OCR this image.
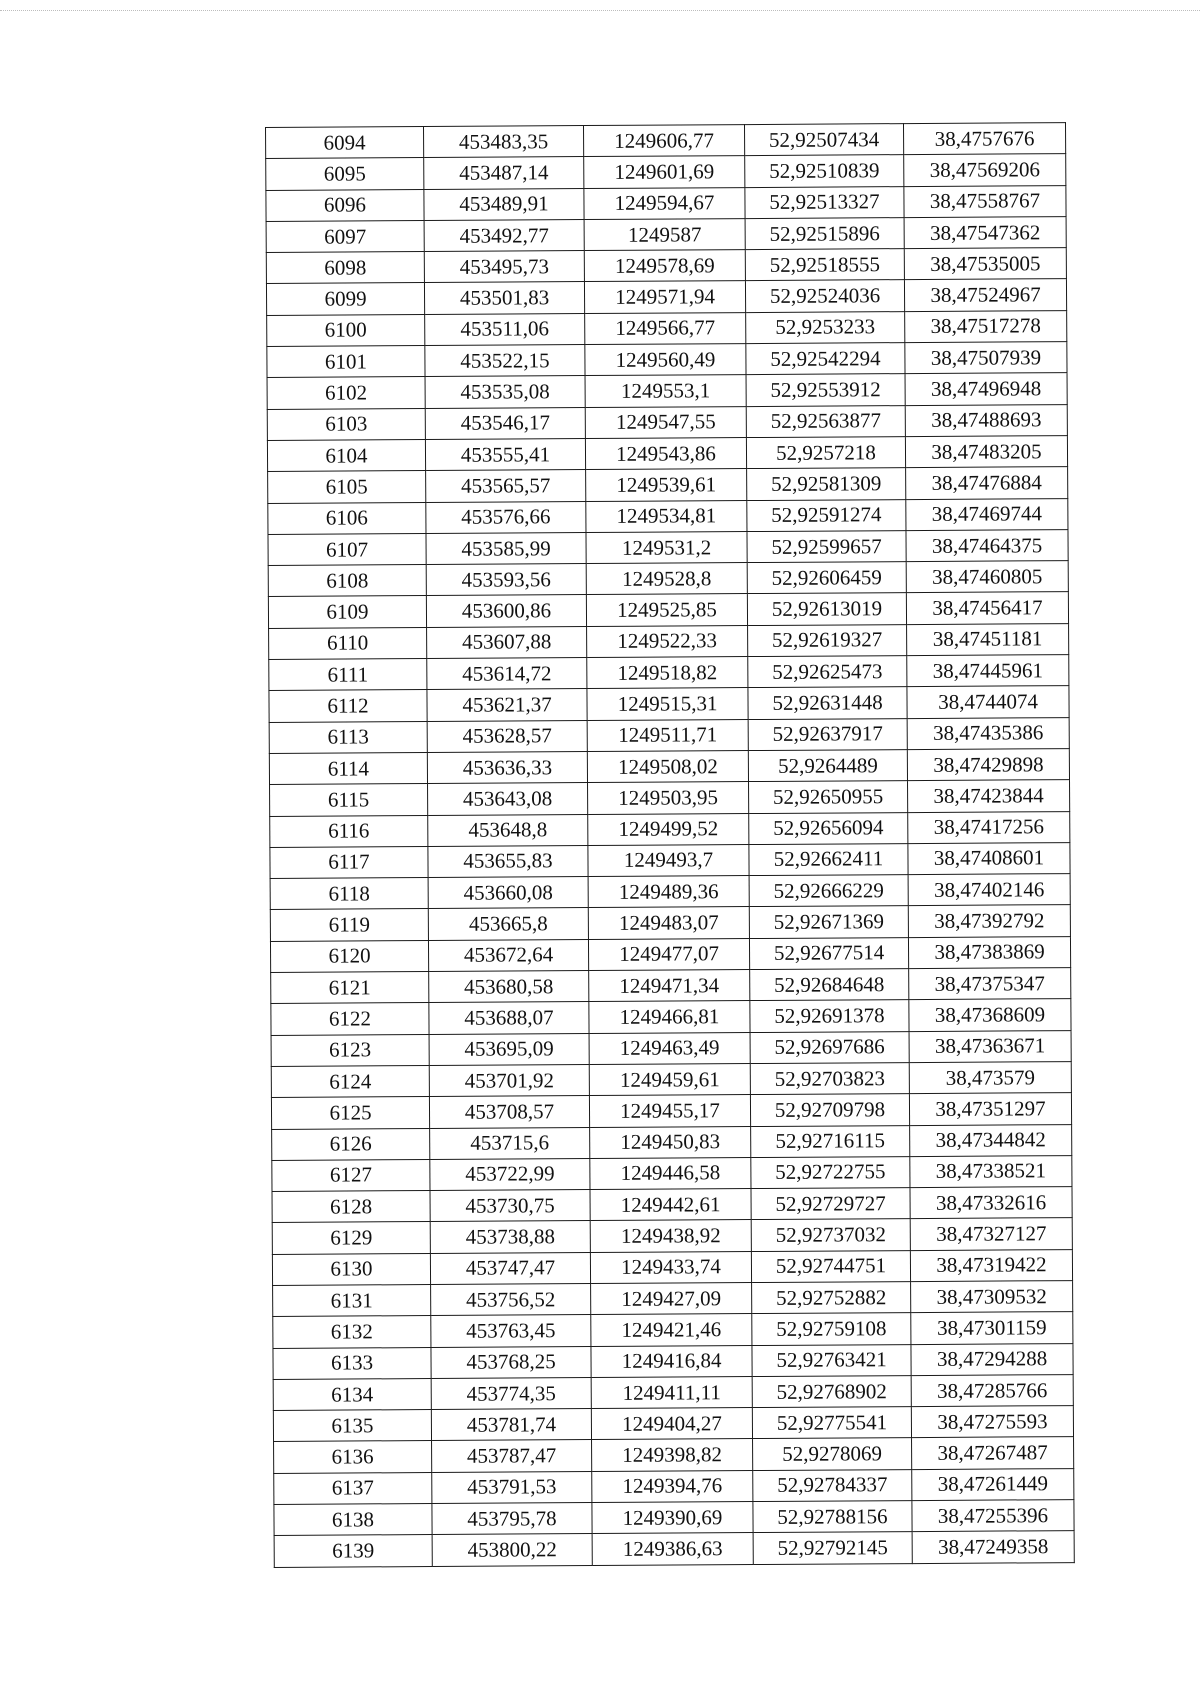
6094	453483,35	1249606,77	52,92507434	38,4757676
6095	453487,14	1249601,69	52,92510839	38,47569206
6096	453489,91	1249594,67	52,92513327	38,47558767
6097	453492,77	1249587	52,92515896	38,47547362
6098	453495,73	1249578,69	52,92518555	38,47535005
6099	453501,83	1249571,94	52,92524036	38,47524967
6100	453511,06	1249566,77	52,9253233	38,47517278
6101	453522,15	1249560,49	52,92542294	38,47507939
6102	453535,08	1249553,1	52,92553912	38,47496948
6103	453546,17	1249547,55	52,92563877	38,47488693
6104	453555,41	1249543,86	52,9257218	38,47483205
6105	453565,57	1249539,61	52,92581309	38,47476884
6106	453576,66	1249534,81	52,92591274	38,47469744
6107	453585,99	1249531,2	52,92599657	38,47464375
6108	453593,56	1249528,8	52,92606459	38,47460805
6109	453600,86	1249525,85	52,92613019	38,47456417
6110	453607,88	1249522,33	52,92619327	38,47451181
6111	453614,72	1249518,82	52,92625473	38,47445961
6112	453621,37	1249515,31	52,92631448	38,4744074
6113	453628,57	1249511,71	52,92637917	38,47435386
6114	453636,33	1249508,02	52,9264489	38,47429898
6115	453643,08	1249503,95	52,92650955	38,47423844
6116	453648,8	1249499,52	52,92656094	38,47417256
6117	453655,83	1249493,7	52,92662411	38,47408601
6118	453660,08	1249489,36	52,92666229	38,47402146
6119	453665,8	1249483,07	52,92671369	38,47392792
6120	453672,64	1249477,07	52,92677514	38,47383869
6121	453680,58	1249471,34	52,92684648	38,47375347
6122	453688,07	1249466,81	52,92691378	38,47368609
6123	453695,09	1249463,49	52,92697686	38,47363671
6124	453701,92	1249459,61	52,92703823	38,473579
6125	453708,57	1249455,17	52,92709798	38,47351297
6126	453715,6	1249450,83	52,92716115	38,47344842
6127	453722,99	1249446,58	52,92722755	38,47338521
6128	453730,75	1249442,61	52,92729727	38,47332616
6129	453738,88	1249438,92	52,92737032	38,47327127
6130	453747,47	1249433,74	52,92744751	38,47319422
6131	453756,52	1249427,09	52,92752882	38,47309532
6132	453763,45	1249421,46	52,92759108	38,47301159
6133	453768,25	1249416,84	52,92763421	38,47294288
6134	453774,35	1249411,11	52,92768902	38,47285766
6135	453781,74	1249404,27	52,92775541	38,47275593
6136	453787,47	1249398,82	52,9278069	38,47267487
6137	453791,53	1249394,76	52,92784337	38,47261449
6138	453795,78	1249390,69	52,92788156	38,47255396
6139	453800,22	1249386,63	52,92792145	38,47249358
